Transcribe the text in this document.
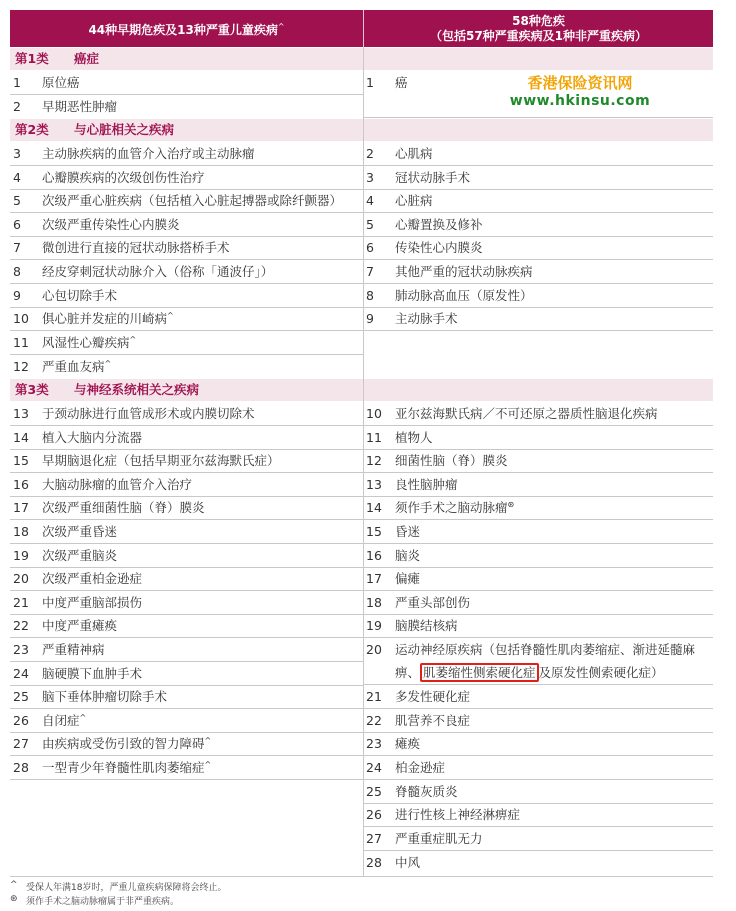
44种早期危疾及13种严重儿童疾病^	58种危疾
（包括57种严重疾病及1种非严重疾病）
第1类 癌症
第2类 与心脏相关之疾病
第3类 与神经系统相关之疾病
1 原位癌
2 早期恶性肿瘤
3 主动脉疾病的血管介入治疗或主动脉瘤
4 心瓣膜疾病的次级创伤性治疗
5 次级严重心脏疾病（包括植入心脏起搏器或除纤颤器）
6 次级严重传染性心内膜炎
7 微创进行直接的冠状动脉搭桥手术
8 经皮穿刺冠状动脉介入（俗称「通波仔」）
9 心包切除手术
10 俱心脏并发症的川崎病^
11 风湿性心瓣疾病^
12 严重血友病^
13 于颈动脉进行血管成形术或内膜切除术
14 植入大脑内分流器
15 早期脑退化症（包括早期亚尔兹海默氏症）
16 大脑动脉瘤的血管介入治疗
17 次级严重细菌性脑（脊）膜炎
18 次级严重昏迷
19 次级严重脑炎
20 次级严重柏金逊症
21 中度严重脑部损伤
22 中度严重瘫痪
23 严重精神病
24 脑硬膜下血肿手术
25 脑下垂体肿瘤切除手术
26 自闭症^
27 由疾病或受伤引致的智力障碍^
28 一型青少年脊髓性肌肉萎缩症^
1 癌
2 心肌病
3 冠状动脉手术
4 心脏病
5 心瓣置换及修补
6 传染性心内膜炎
7 其他严重的冠状动脉疾病
8 肺动脉高血压（原发性）
9 主动脉手术
10 亚尔兹海默氏病／不可还原之器质性脑退化疾病
11 植物人
12 细菌性脑（脊）膜炎
13 良性脑肿瘤
14 须作手术之脑动脉瘤⊛
15 昏迷
16 脑炎
17 偏瘫
18 严重头部创伤
19 脑膜结核病
20 运动神经原疾病（包括脊髓性肌肉萎缩症、渐进延髓麻痹、 肌萎缩性侧索硬化症 及原发性侧索硬化症）
21 多发性硬化症
22 肌营养不良症
23 瘫痪
24 柏金逊症
25 脊髓灰质炎
26 进行性核上神经淋痹症
27 严重重症肌无力
28 中风
香港保险资讯网
www.hkinsu.com
^ 受保人年满18岁时，严重儿童疾病保障将会终止。
⊛ 须作手术之脑动脉瘤属于非严重疾病。
